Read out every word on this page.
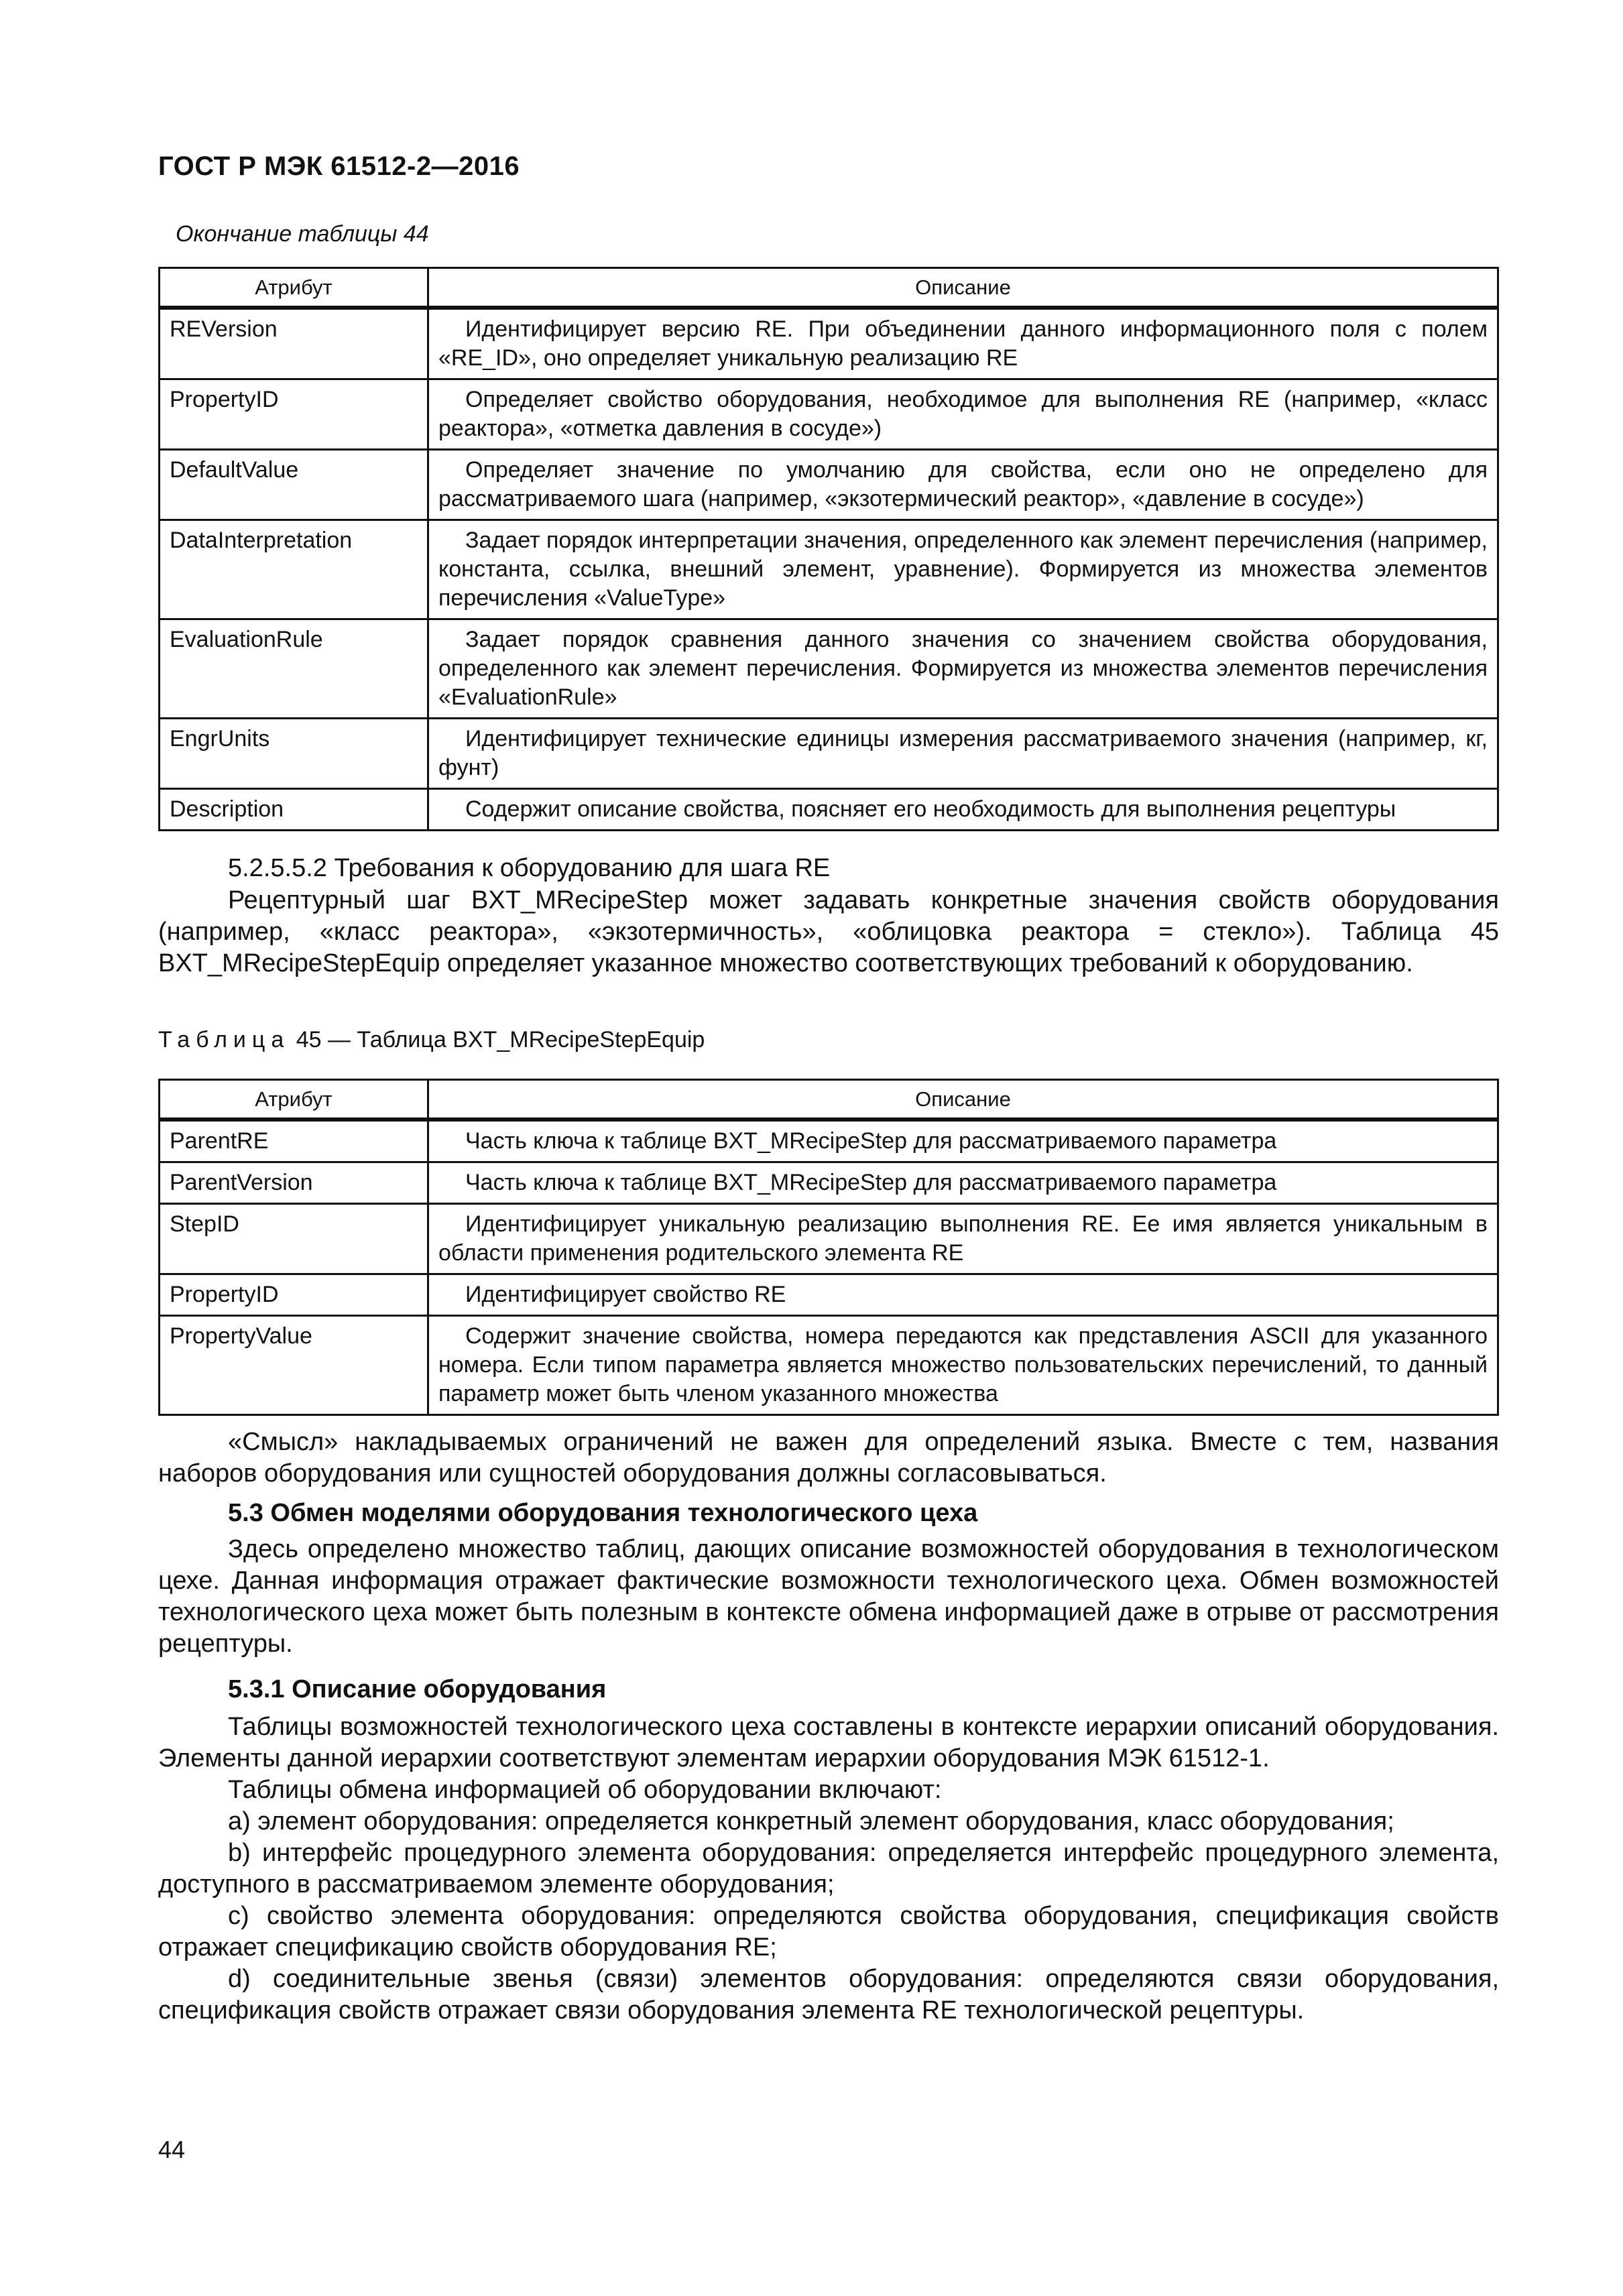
ГОСТ Р МЭК 61512-2—2016
Окончание таблицы 44
Атрибут	Описание
REVersion	Идентифицирует версию RE. При объединении данного информационного поля с полем «RE_ID», оно определяет уникальную реализацию RE
PropertyID	Определяет свойство оборудования, необходимое для выполнения RE (например, «класс реактора», «отметка давления в сосуде»)
DefaultValue	Определяет значение по умолчанию для свойства, если оно не определено для рассматриваемого шага (например, «экзотермический реактор», «давление в сосуде»)
DataInterpretation	Задает порядок интерпретации значения, определенного как элемент перечисления (например, константа, ссылка, внешний элемент, уравнение). Формируется из множества элементов перечисления «ValueType»
EvaluationRule	Задает порядок сравнения данного значения со значением свойства оборудования, определенного как элемент перечисления. Формируется из множества элементов перечисления «EvaluationRule»
EngrUnits	Идентифицирует технические единицы измерения рассматриваемого значения (например, кг, фунт)
Description	Содержит описание свойства, поясняет его необходимость для выполнения рецептуры
5.2.5.5.2 Требования к оборудованию для шага RE
Рецептурный шаг BXT_MRecipeStep может задавать конкретные значения свойств оборудования (например, «класс реактора», «экзотермичность», «облицовка реактора = стекло»). Таблица 45 BXT_MRecipeStepEquip определяет указанное множество соответствующих требований к оборудованию.
Таблица 45 — Таблица BXT_MRecipeStepEquip
Атрибут	Описание
ParentRE	Часть ключа к таблице BXT_MRecipeStep для рассматриваемого параметра
ParentVersion	Часть ключа к таблице BXT_MRecipeStep для рассматриваемого параметра
StepID	Идентифицирует уникальную реализацию выполнения RE. Ее имя является уникальным в области применения родительского элемента RE
PropertyID	Идентифицирует свойство RE
PropertyValue	Содержит значение свойства, номера передаются как представления ASCII для указанного номера. Если типом параметра является множество пользовательских перечислений, то данный параметр может быть членом указанного множества
«Смысл» накладываемых ограничений не важен для определений языка. Вместе с тем, названия наборов оборудования или сущностей оборудования должны согласовываться.
5.3 Обмен моделями оборудования технологического цеха
Здесь определено множество таблиц, дающих описание возможностей оборудования в технологическом цехе. Данная информация отражает фактические возможности технологического цеха. Обмен возможностей технологического цеха может быть полезным в контексте обмена информацией даже в отрыве от рассмотрения рецептуры.
5.3.1 Описание оборудования
Таблицы возможностей технологического цеха составлены в контексте иерархии описаний оборудования. Элементы данной иерархии соответствуют элементам иерархии оборудования МЭК 61512-1.
Таблицы обмена информацией об оборудовании включают:
a) элемент оборудования: определяется конкретный элемент оборудования, класс оборудования;
b) интерфейс процедурного элемента оборудования: определяется интерфейс процедурного элемента, доступного в рассматриваемом элементе оборудования;
c) свойство элемента оборудования: определяются свойства оборудования, спецификация свойств отражает спецификацию свойств оборудования RE;
d) соединительные звенья (связи) элементов оборудования: определяются связи оборудования, спецификация свойств отражает связи оборудования элемента RE технологической рецептуры.
44
